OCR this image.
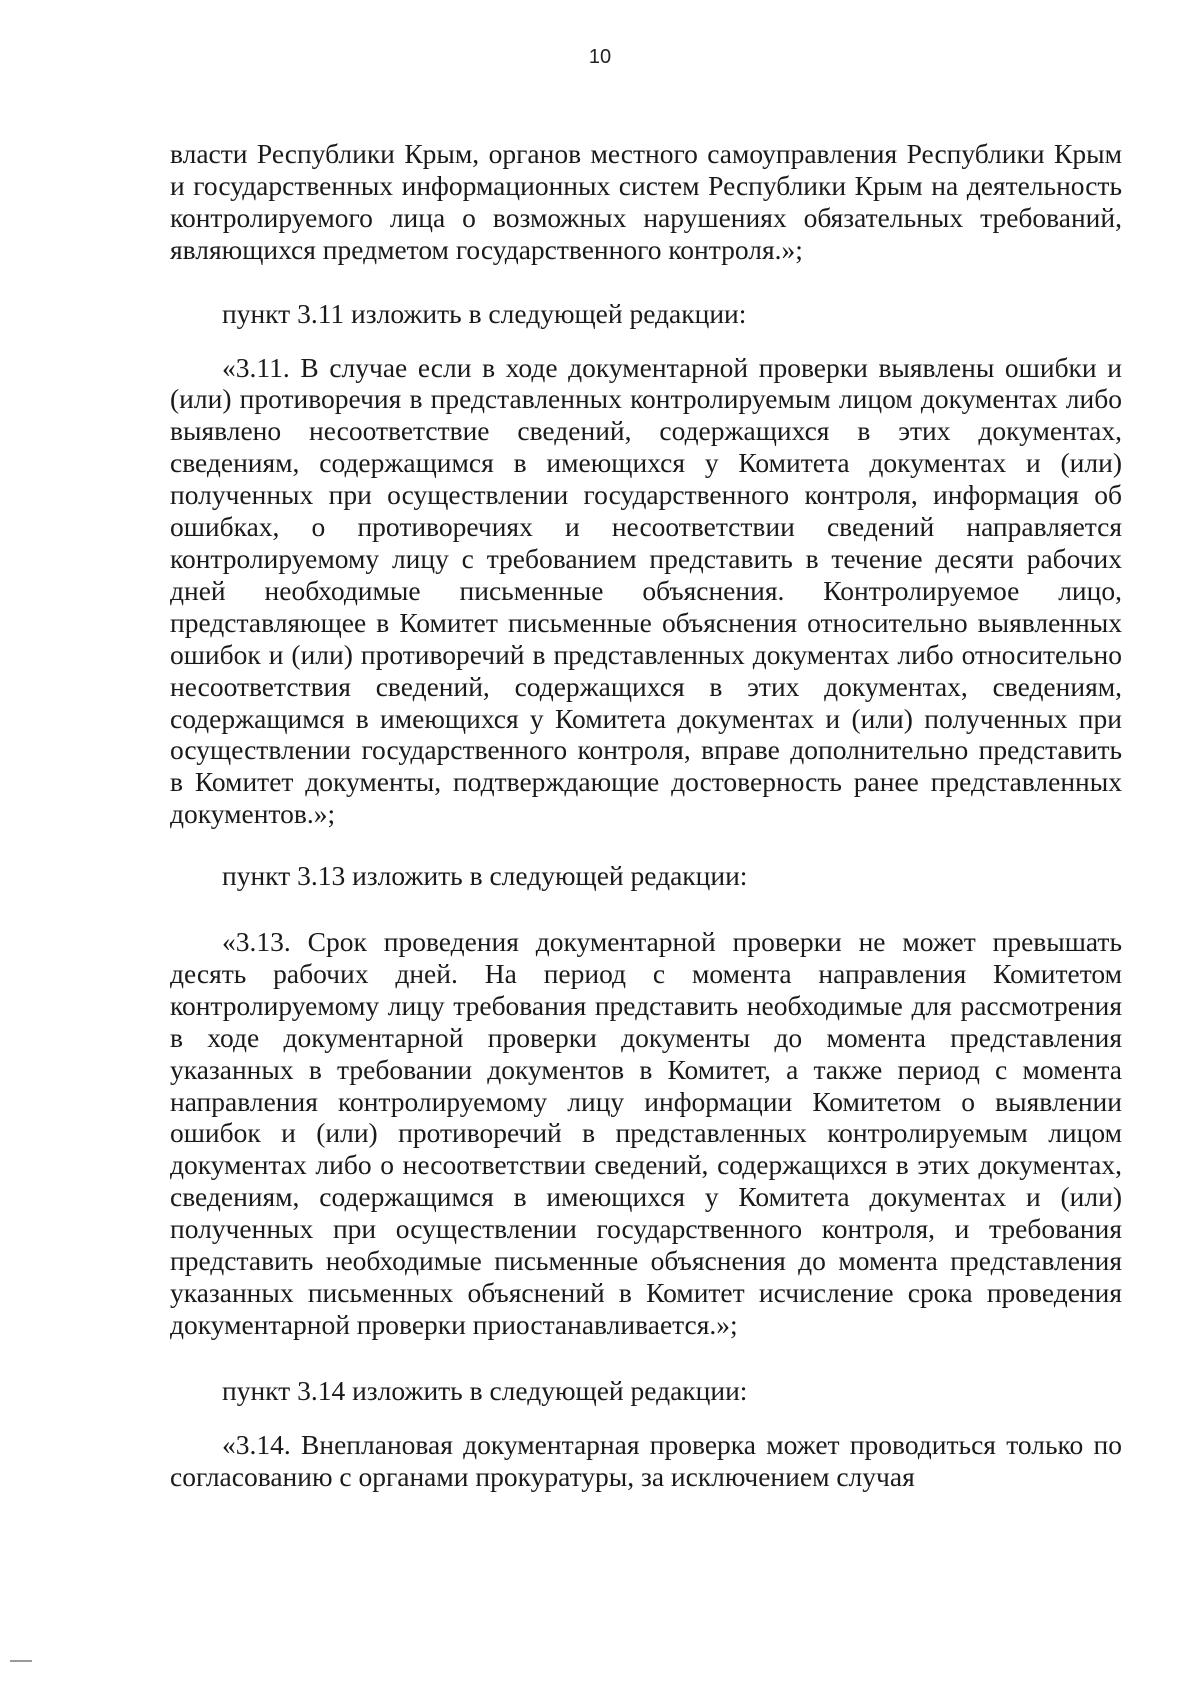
10

власти Республики Крым, органов местного самоуправления Республики Крым и государственных информационных систем Республики Крым на деятельность контролируемого лица о возможных нарушениях обязательных требований, являющихся предметом государственного контроля.»;

пункт 3.11 изложить в следующей редакции:

«3.11. В случае если в ходе документарной проверки выявлены ошибки и (или) противоречия в представленных контролируемым лицом документах либо выявлено несоответствие сведений, содержащихся в этих документах, сведениям, содержащимся в имеющихся у Комитета документах и (или) полученных при осуществлении государственного контроля, информация об ошибках, о противоречиях и несоответствии сведений направляется контролируемому лицу с требованием представить в течение десяти рабочих дней необходимые письменные объяснения. Контролируемое лицо, представляющее в Комитет письменные объяснения относительно выявленных ошибок и (или) противоречий в представленных документах либо относительно несоответствия сведений, содержащихся в этих документах, сведениям, содержащимся в имеющихся у Комитета документах и (или) полученных при осуществлении государственного контроля, вправе дополнительно представить в Комитет документы, подтверждающие достоверность ранее представленных документов.»;

пункт 3.13 изложить в следующей редакции:

«3.13. Срок проведения документарной проверки не может превышать десять рабочих дней. На период с момента направления Комитетом контролируемому лицу требования представить необходимые для рассмотрения в ходе документарной проверки документы до момента представления указанных в требовании документов в Комитет, а также период с момента направления контролируемому лицу информации Комитетом о выявлении ошибок и (или) противоречий в представленных контролируемым лицом документах либо о несоответствии сведений, содержащихся в этих документах, сведениям, содержащимся в имеющихся у Комитета документах и (или) полученных при осуществлении государственного контроля, и требования представить необходимые письменные объяснения до момента представления указанных письменных объяснений в Комитет исчисление срока проведения документарной проверки приостанавливается.»;

пункт 3.14 изложить в следующей редакции:

«3.14. Внеплановая документарная проверка может проводиться только по согласованию с органами прокуратуры, за исключением случая
